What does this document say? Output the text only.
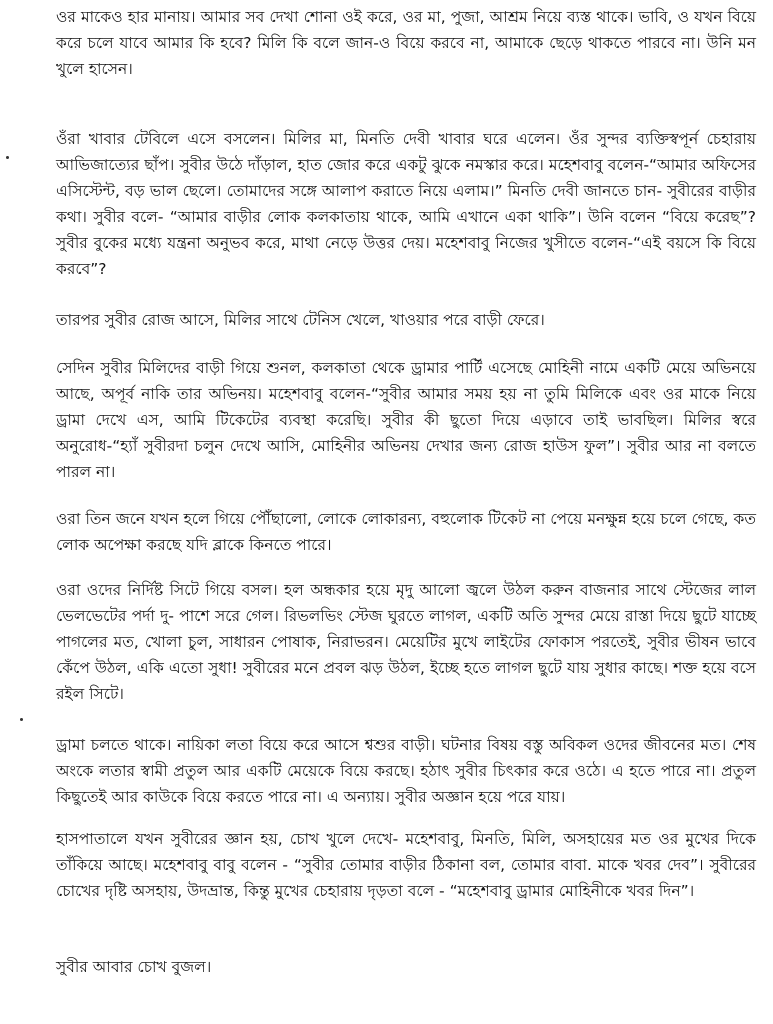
ওর মাকেও হার মানায়। আমার সব দেখা শোনা ওই করে, ওর মা, পুজা, আশ্রম নিয়ে ব্যস্ত থাকে। ভাবি, ও যখন বিয়ে করে চলে যাবে আমার কি হবে? মিলি কি বলে জান-ও বিয়ে করবে না, আমাকে ছেড়ে থাকতে পারবে না। উনি মন খুলে হাসেন।

ওঁরা খাবার টেবিলে এসে বসলেন। মিলির মা, মিনতি দেবী খাবার ঘরে এলেন। ওঁর সুন্দর ব্যক্তিস্বপূর্ন চেহারায় আভিজাত্যের ছাঁপ। সুবীর উঠে দাঁড়াল, হাত জোর করে একটু ঝুকে নমস্কার করে। মহেশবাবু বলেন-“আমার অফিসের এসিস্টেন্ট, বড় ভাল ছেলে। তোমাদের সঙ্গে আলাপ করাতে নিয়ে এলাম।” মিনতি দেবী জানতে চান- সুবীরের বাড়ীর কথা। সুবীর বলে- “আমার বাড়ীর লোক কলকাতায় থাকে, আমি এখানে একা থাকি”। উনি বলেন “বিয়ে করেছ”? সুবীর বুকের মধ্যে যন্ত্রনা অনুভব করে, মাথা নেড়ে উত্তর দেয়। মহেশবাবু নিজের খুসীতে বলেন-“এই বয়সে কি বিয়ে করবে”?

তারপর সুবীর রোজ আসে, মিলির সাথে টেনিস খেলে, খাওয়ার পরে বাড়ী ফেরে।

সেদিন সুবীর মিলিদের বাড়ী গিয়ে শুনল, কলকাতা থেকে ড্রামার পার্টি এসেছে মোহিনী নামে একটি মেয়ে অভিনয়ে আছে, অপূর্ব নাকি তার অভিনয়। মহেশবাবু বলেন-“সুবীর আমার সময় হয় না তুমি মিলিকে এবং ওর মাকে নিয়ে ড্রামা দেখে এস, আমি টিকেটের ব্যবস্থা করেছি। সুবীর কী ছুতো দিয়ে এড়াবে তাই ভাবছিল। মিলির স্বরে অনুরোধ-“হ্যাঁ সুবীরদা চলুন দেখে আসি, মোহিনীর অভিনয় দেখার জন্য রোজ হাউস ফুল”। সুবীর আর না বলতে পারল না।

ওরা তিন জনে যখন হলে গিয়ে পৌঁছালো, লোকে লোকারন্য, বহুলোক টিকেট না পেয়ে মনক্ষুন্ন হয়ে চলে গেছে, কত লোক অপেক্ষা করছে যদি ব্লাকে কিনতে পারে।

ওরা ওদের নির্দিষ্ট সিটে গিয়ে বসল। হল অন্ধকার হয়ে মৃদু আলো জ্বলে উঠল করুন বাজনার সাথে স্টেজের লাল ভেলভেটের পর্দা দু- পাশে সরে গেল। রিভলভিং স্টেজ ঘুরতে লাগল, একটি অতি সুন্দর মেয়ে রাস্তা দিয়ে ছুটে যাচ্ছে পাগলের মত, খোলা চুল, সাধারন পোষাক, নিরাভরন। মেয়েটির মুখে লাইটের ফোকাস পরতেই, সুবীর ভীষন ভাবে কেঁপে উঠল, একি এতো সুধা! সুবীরের মনে প্রবল ঝড় উঠল, ইচ্ছে হতে লাগল ছুটে যায় সুধার কাছে। শক্ত হয়ে বসে রইল সিটে।

ড্রামা চলতে থাকে। নায়িকা লতা বিয়ে করে আসে শ্বশুর বাড়ী। ঘটনার বিষয় বস্তু অবিকল ওদের জীবনের মত। শেষ অংকে লতার স্বামী প্রতুল আর একটি মেয়েকে বিয়ে করছে। হঠাৎ সুবীর চিৎকার করে ওঠে। এ হতে পারে না। প্রতুল কিছুতেই আর কাউকে বিয়ে করতে পারে না। এ অন্যায়। সুবীর অজ্ঞান হয়ে পরে যায়।

হাসপাতালে যখন সুবীরের জ্ঞান হয়, চোখ খুলে দেখে- মহেশবাবু, মিনতি, মিলি, অসহায়ের মত ওর মুখের দিকে তাঁকিয়ে আছে। মহেশবাবু বাবু বলেন - “সুবীর তোমার বাড়ীর ঠিকানা বল, তোমার বাবা. মাকে খবর দেব”। সুবীরের চোখের দৃষ্টি অসহায়, উদভ্রান্ত, কিন্তু মুখের চেহারায় দৃড়তা বলে - “মহেশবাবু ড্রামার মোহিনীকে খবর দিন”।

সুবীর আবার চোখ বুজল।
